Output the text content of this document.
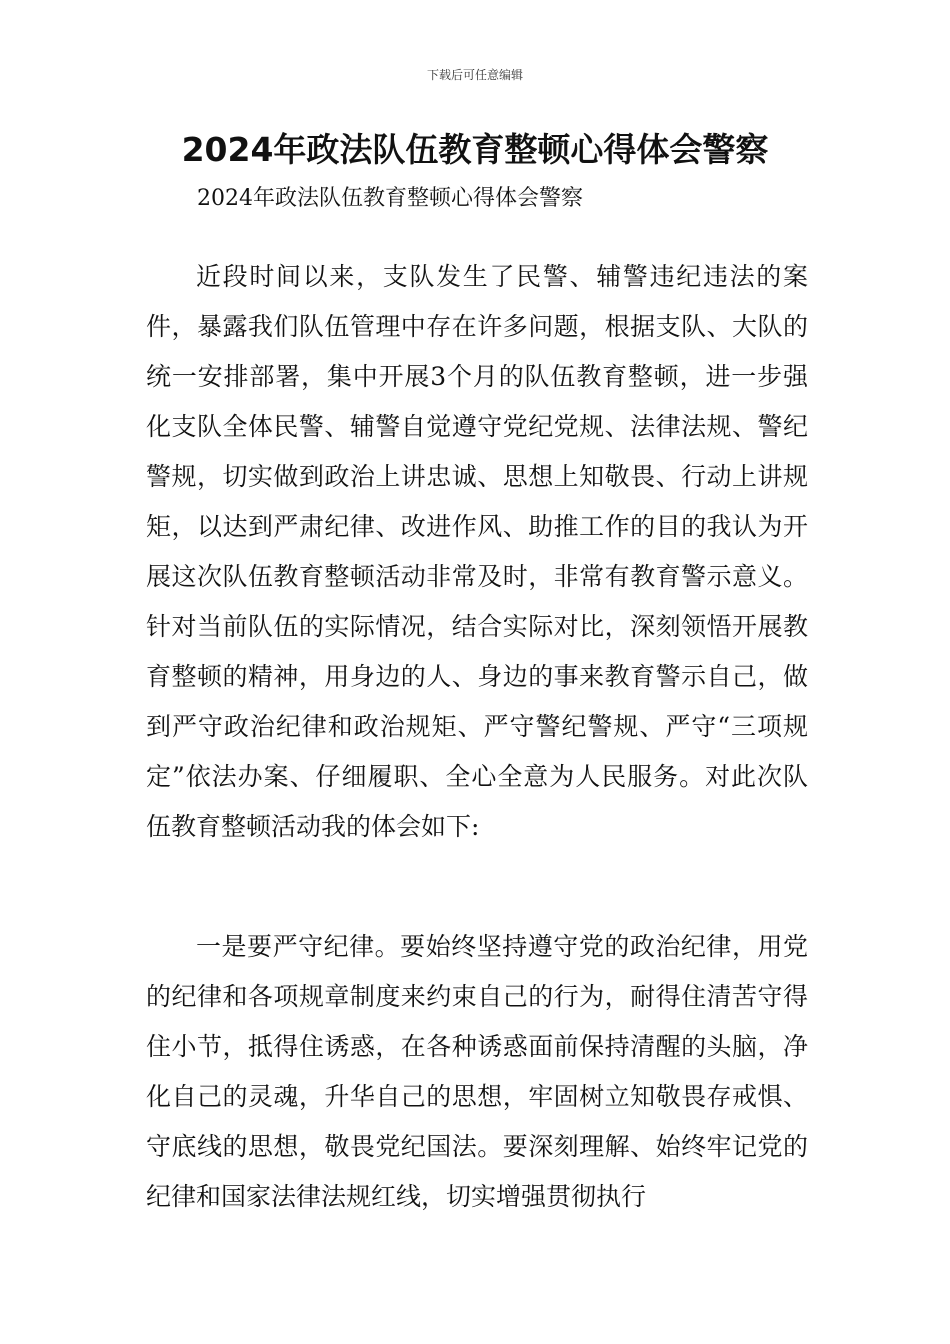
下载后可任意编辑

2024年政法队伍教育整顿心得体会警察

2024年政法队伍教育整顿心得体会警察

近段时间以来，支队发生了民警、辅警违纪违法的案件，暴露我们队伍管理中存在许多问题，根据支队、大队的统一安排部署，集中开展3个月的队伍教育整顿，进一步强化支队全体民警、辅警自觉遵守党纪党规、法律法规、警纪警规，切实做到政治上讲忠诚、思想上知敬畏、行动上讲规矩，以达到严肃纪律、改进作风、助推工作的目的我认为开展这次队伍教育整顿活动非常及时，非常有教育警示意义。针对当前队伍的实际情况，结合实际对比，深刻领悟开展教育整顿的精神，用身边的人、身边的事来教育警示自己，做到严守政治纪律和政治规矩、严守警纪警规、严守“三项规定”依法办案、仔细履职、全心全意为人民服务。对此次队伍教育整顿活动我的体会如下:

一是要严守纪律。要始终坚持遵守党的政治纪律，用党的纪律和各项规章制度来约束自己的行为，耐得住清苦守得住小节，抵得住诱惑，在各种诱惑面前保持清醒的头脑，净化自己的灵魂，升华自己的思想，牢固树立知敬畏存戒惧、守底线的思想，敬畏党纪国法。要深刻理解、始终牢记党的纪律和国家法律法规红线，切实增强贯彻执行
